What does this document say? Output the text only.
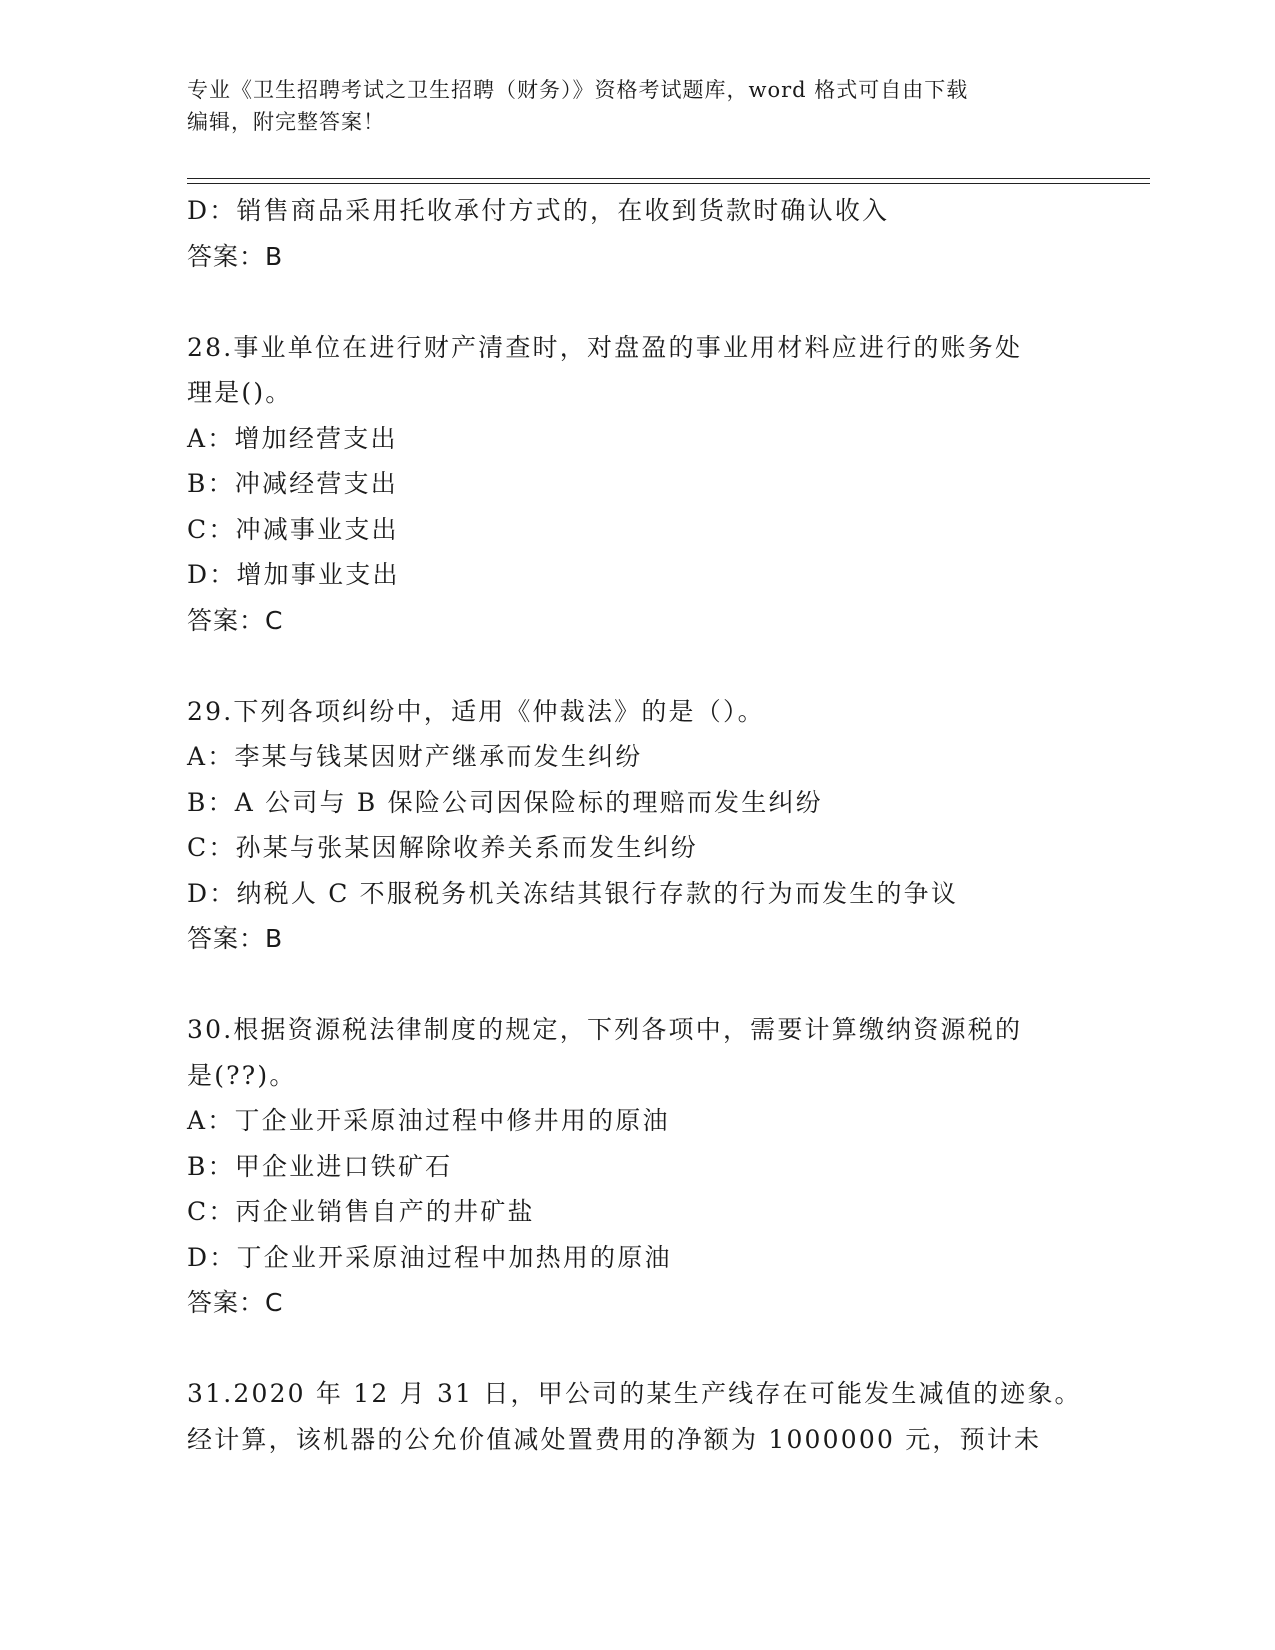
专业《卫生招聘考试之卫生招聘（财务）》资格考试题库，word 格式可自由下载
编辑，附完整答案！
D：销售商品采用托收承付方式的，在收到货款时确认收入
答案：B
28.事业单位在进行财产清查时，对盘盈的事业用材料应进行的账务处
理是()。
A：增加经营支出
B：冲减经营支出
C：冲减事业支出
D：增加事业支出
答案：C
29.下列各项纠纷中，适用《仲裁法》的是（）。
A：李某与钱某因财产继承而发生纠纷
B：A 公司与 B 保险公司因保险标的理赔而发生纠纷
C：孙某与张某因解除收养关系而发生纠纷
D：纳税人 C 不服税务机关冻结其银行存款的行为而发生的争议
答案：B
30.根据资源税法律制度的规定，下列各项中，需要计算缴纳资源税的
是(??)。
A：丁企业开采原油过程中修井用的原油
B：甲企业进口铁矿石
C：丙企业销售自产的井矿盐
D：丁企业开采原油过程中加热用的原油
答案：C
31.2020 年 12 月 31 日，甲公司的某生产线存在可能发生减值的迹象。
经计算，该机器的公允价值减处置费用的净额为 1000000 元，预计未
